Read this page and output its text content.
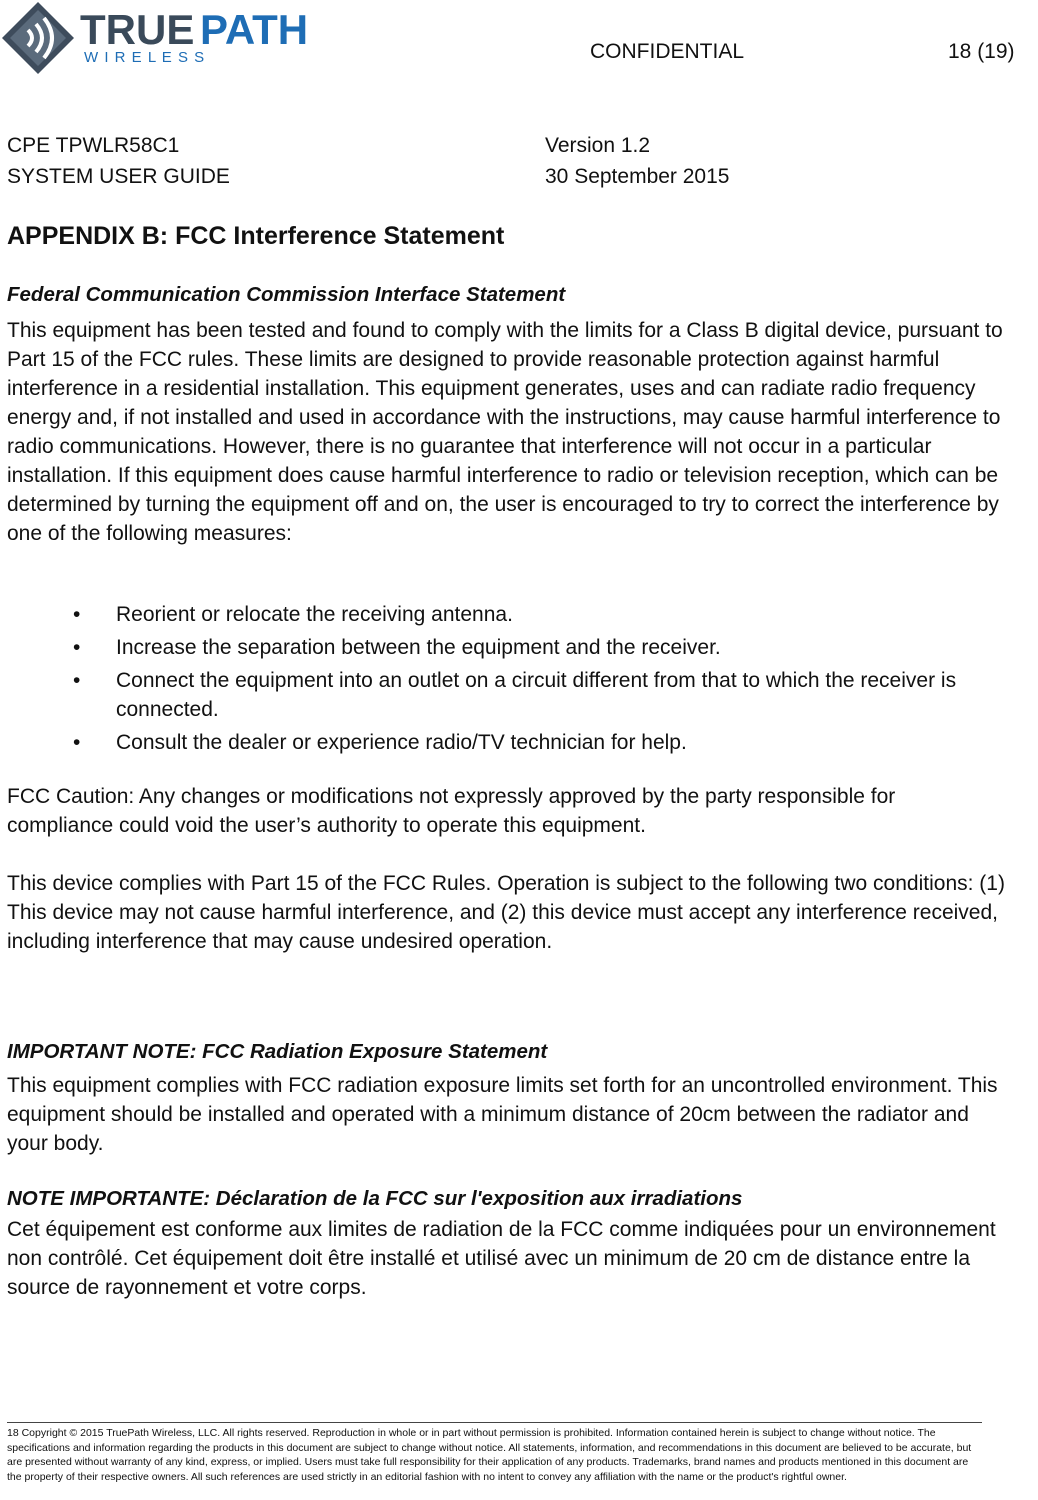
TRUE PATH
W I R E L E S S	CONFIDENTIAL	18 (19)
CPE TPWLR58C1
SYSTEM USER GUIDE
Version 1.2
30 September 2015
APPENDIX B: FCC Interference Statement
Federal Communication Commission Interface Statement
This equipment has been tested and found to comply with the limits for a Class B digital device, pursuant to Part 15 of the FCC rules. These limits are designed to provide reasonable protection against harmful interference in a residential installation. This equipment generates, uses and can radiate radio frequency energy and, if not installed and used in accordance with the instructions, may cause harmful interference to radio communications. However, there is no guarantee that interference will not occur in a particular installation. If this equipment does cause harmful interference to radio or television reception, which can be determined by turning the equipment off and on, the user is encouraged to try to correct the interference by one of the following measures:
• Reorient or relocate the receiving antenna.
• Increase the separation between the equipment and the receiver.
• Connect the equipment into an outlet on a circuit different from that to which the receiver is connected.
• Consult the dealer or experience radio/TV technician for help.
FCC Caution: Any changes or modifications not expressly approved by the party responsible for compliance could void the user’s authority to operate this equipment.
This device complies with Part 15 of the FCC Rules. Operation is subject to the following two conditions: (1) This device may not cause harmful interference, and (2) this device must accept any interference received, including interference that may cause undesired operation.
IMPORTANT NOTE: FCC Radiation Exposure Statement
This equipment complies with FCC radiation exposure limits set forth for an uncontrolled environment. This equipment should be installed and operated with a minimum distance of 20cm between the radiator and your body.
NOTE IMPORTANTE: Déclaration de la FCC sur l'exposition aux irradiations
Cet équipement est conforme aux limites de radiation de la FCC comme indiquées pour un environnement non contrôlé. Cet équipement doit être installé et utilisé avec un minimum de 20 cm de distance entre la source de rayonnement et votre corps.
18 Copyright © 2015 TruePath Wireless, LLC. All rights reserved. Reproduction in whole or in part without permission is prohibited. Information contained herein is subject to change without notice. The specifications and information regarding the products in this document are subject to change without notice. All statements, information, and recommendations in this document are believed to be accurate, but are presented without warranty of any kind, express, or implied. Users must take full responsibility for their application of any products. Trademarks, brand names and products mentioned in this document are the property of their respective owners. All such references are used strictly in an editorial fashion with no intent to convey any affiliation with the name or the product's rightful owner.
